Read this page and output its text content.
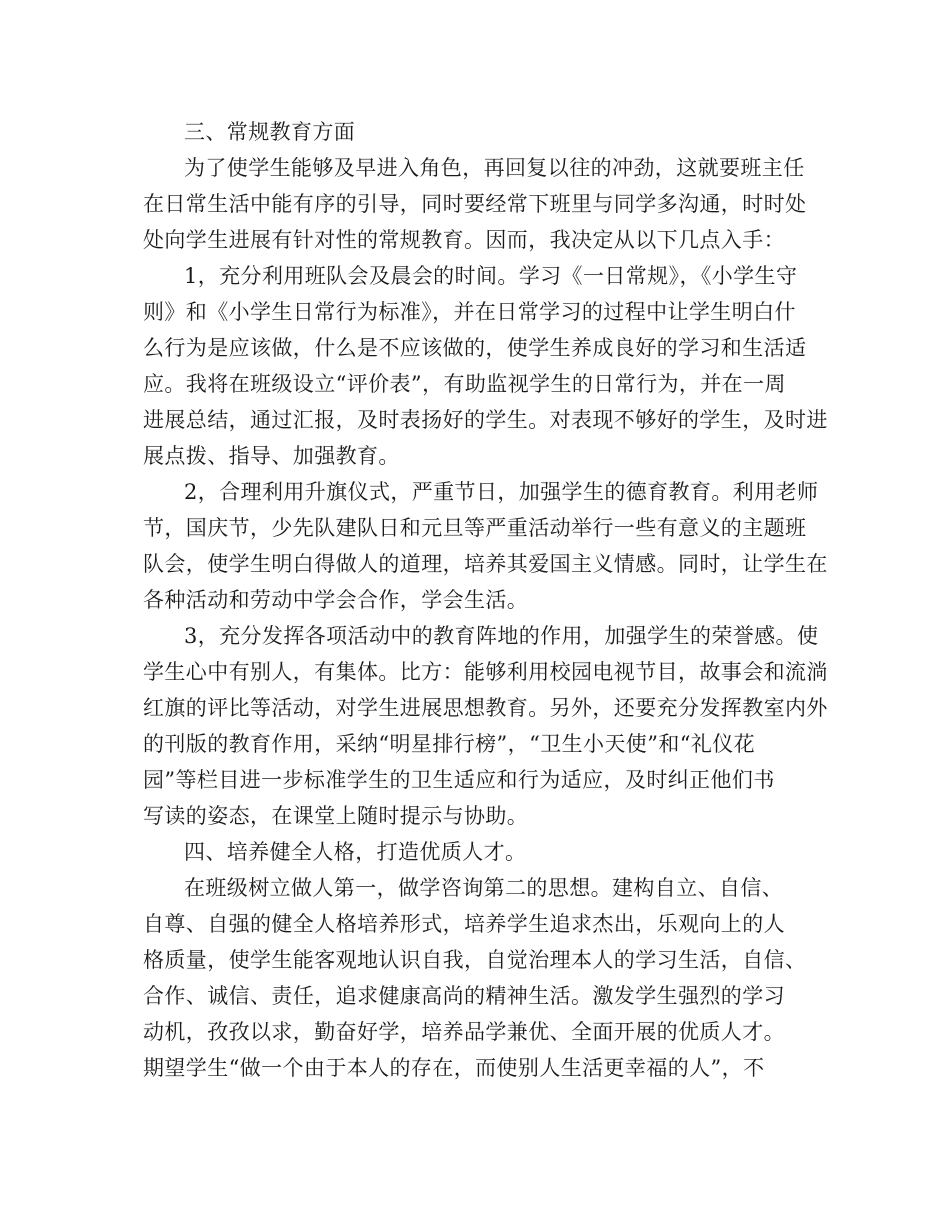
三、常规教育方面
为了使学生能够及早进入角色，再回复以往的冲劲，这就要班主任
在日常生活中能有序的引导，同时要经常下班里与同学多沟通，时时处
处向学生进展有针对性的常规教育。因而，我决定从以下几点入手：
1，充分利用班队会及晨会的时间。学习《一日常规》，《小学生守
则》和《小学生日常行为标准》，并在日常学习的过程中让学生明白什
么行为是应该做，什么是不应该做的，使学生养成良好的学习和生活适
应。我将在班级设立“评价表”，有助监视学生的日常行为，并在一周
进展总结，通过汇报，及时表扬好的学生。对表现不够好的学生，及时进
展点拨、指导、加强教育。
2，合理利用升旗仪式，严重节日，加强学生的德育教育。利用老师
节，国庆节，少先队建队日和元旦等严重活动举行一些有意义的主题班
队会，使学生明白得做人的道理，培养其爱国主义情感。同时，让学生在
各种活动和劳动中学会合作，学会生活。
3，充分发挥各项活动中的教育阵地的作用，加强学生的荣誉感。使
学生心中有别人，有集体。比方：能够利用校园电视节目，故事会和流淌
红旗的评比等活动，对学生进展思想教育。另外，还要充分发挥教室内外
的刊版的教育作用，采纳“明星排行榜”，“卫生小天使”和“礼仪花
园”等栏目进一步标准学生的卫生适应和行为适应，及时纠正他们书
写读的姿态，在课堂上随时提示与协助。
四、培养健全人格，打造优质人才。
在班级树立做人第一，做学咨询第二的思想。建构自立、自信、
自尊、自强的健全人格培养形式，培养学生追求杰出，乐观向上的人
格质量，使学生能客观地认识自我，自觉治理本人的学习生活，自信、
合作、诚信、责任，追求健康高尚的精神生活。激发学生强烈的学习
动机，孜孜以求，勤奋好学，培养品学兼优、全面开展的优质人才。
期望学生“做一个由于本人的存在，而使别人生活更幸福的人”，不
